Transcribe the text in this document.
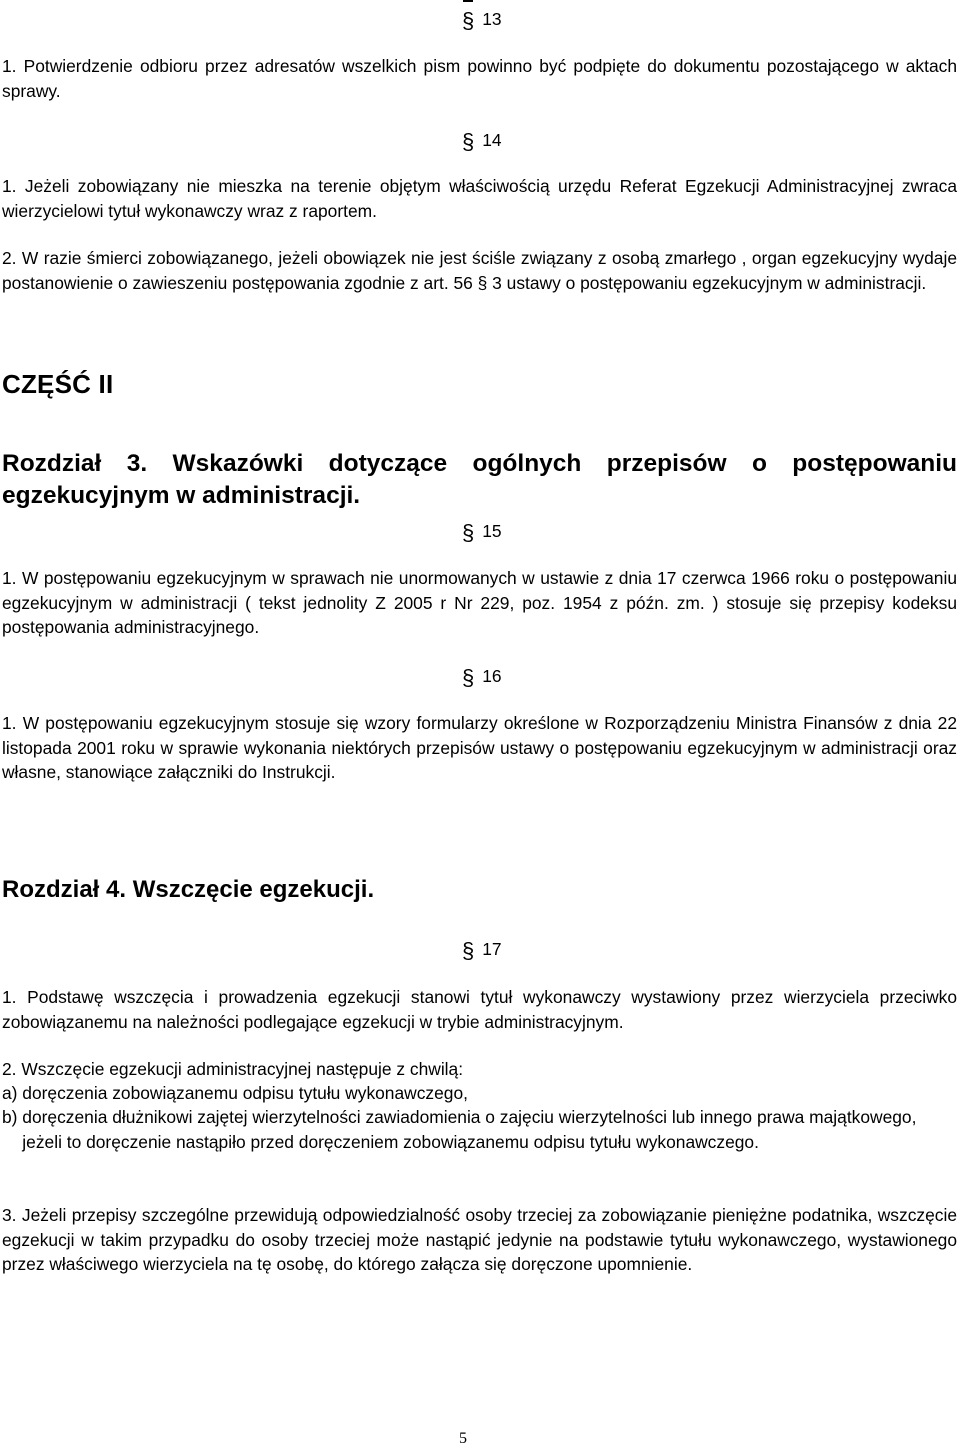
§ 13
1. Potwierdzenie odbioru przez adresatów wszelkich pism powinno być podpięte do dokumentu pozostającego w aktach sprawy.
§ 14
1. Jeżeli zobowiązany nie mieszka na terenie objętym właściwością urzędu Referat Egzekucji Administracyjnej zwraca wierzycielowi tytuł wykonawczy wraz z raportem.
2. W razie śmierci zobowiązanego, jeżeli obowiązek nie jest ściśle związany z osobą zmarłego , organ egzekucyjny wydaje postanowienie o zawieszeniu postępowania zgodnie z art. 56 § 3 ustawy o postępowaniu egzekucyjnym w administracji.
CZĘŚĆ II
Rozdział 3. Wskazówki dotyczące ogólnych przepisów o postępowaniu egzekucyjnym w administracji.
§ 15
1. W postępowaniu egzekucyjnym w sprawach nie unormowanych w ustawie z dnia 17 czerwca 1966 roku o postępowaniu egzekucyjnym w administracji ( tekst jednolity Z 2005 r Nr 229, poz. 1954 z późn. zm. ) stosuje się przepisy kodeksu postępowania administracyjnego.
§ 16
1. W postępowaniu egzekucyjnym stosuje się wzory formularzy określone w Rozporządzeniu Ministra Finansów z dnia 22 listopada 2001 roku w sprawie wykonania niektórych przepisów ustawy o postępowaniu egzekucyjnym w administracji oraz własne, stanowiące załączniki do Instrukcji.
Rozdział 4. Wszczęcie egzekucji.
§ 17
1. Podstawę wszczęcia i prowadzenia egzekucji stanowi tytuł wykonawczy wystawiony przez wierzyciela przeciwko zobowiązanemu na należności podlegające egzekucji w trybie administracyjnym.
2. Wszczęcie egzekucji administracyjnej następuje z chwilą:
a) doręczenia zobowiązanemu odpisu tytułu wykonawczego,
b) doręczenia dłużnikowi zajętej wierzytelności zawiadomienia o zajęciu wierzytelności lub innego prawa majątkowego, jeżeli to doręczenie nastąpiło przed doręczeniem zobowiązanemu odpisu tytułu wykonawczego.
3. Jeżeli przepisy szczególne przewidują odpowiedzialność osoby trzeciej za zobowiązanie pieniężne podatnika, wszczęcie egzekucji w takim przypadku do osoby trzeciej może nastąpić jedynie na podstawie tytułu wykonawczego, wystawionego przez właściwego wierzyciela na tę osobę, do którego załącza się doręczone upomnienie.
5
